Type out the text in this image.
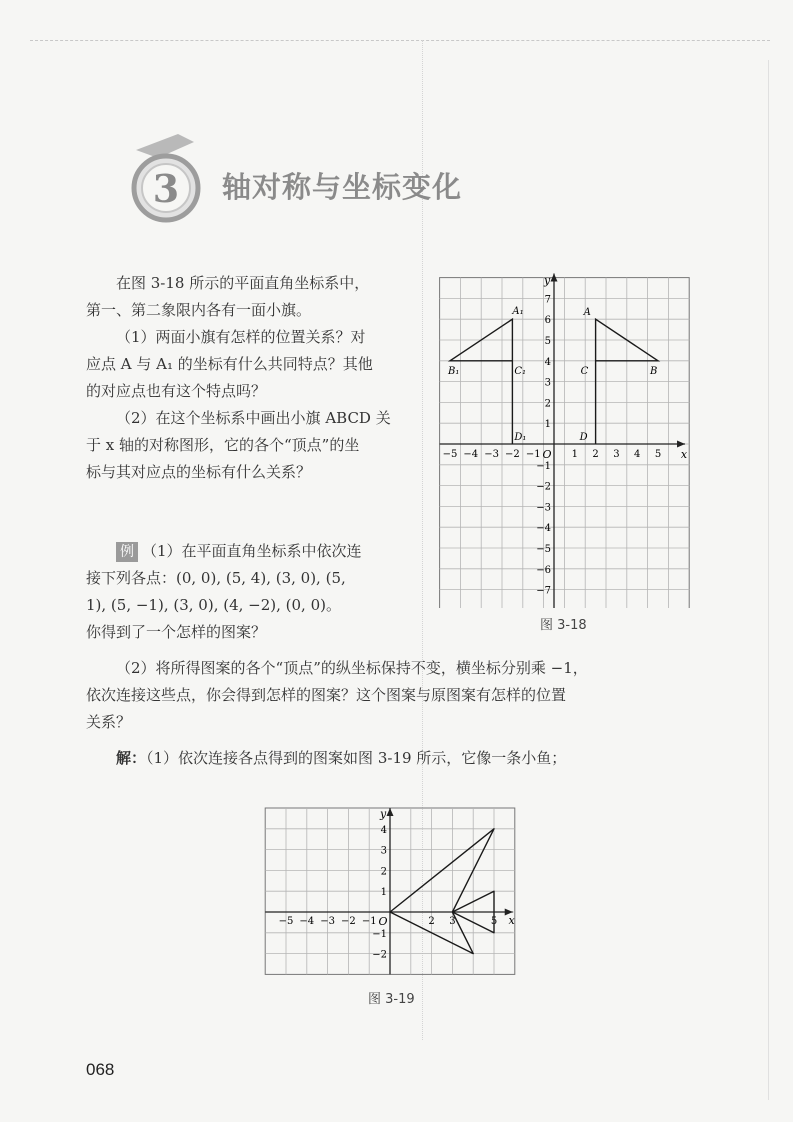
3 轴对称与坐标变化

在图 3-18 所示的平面直角坐标系中，

第一、第二象限内各有一面小旗。

（1）两面小旗有怎样的位置关系？对

应点 A 与 A₁ 的坐标有什么共同特点？其他

的对应点也有这个特点吗？

（2）在这个坐标系中画出小旗 ABCD 关

于 x 轴的对称图形，它的各个“顶点”的坐

标与其对应点的坐标有什么关系？

x
y
O
−5 −4 −3 −2 −1	1 2 3 4 5
7
6
5
4
3
2
1
−1
−2
−3
−4
−5
−6
−7
A
B
C
D
A₁
B₁	C₁
D₁
图 3-18

例 （1）在平面直角坐标系中依次连

接下列各点：(0, 0), (5, 4), (3, 0), (5,

1), (5, −1), (3, 0), (4, −2), (0, 0)。

你得到了一个怎样的图案？

（2）将所得图案的各个“顶点”的纵坐标保持不变，横坐标分别乘 −1，

依次连接这些点，你会得到怎样的图案？这个图案与原图案有怎样的位置

关系？

解：（1）依次连接各点得到的图案如图 3-19 所示，它像一条小鱼；

x
y
O
−5 −4 −3 −2 −1	2 3	5
4
3
2
1
−1
−2
图 3-19
068
